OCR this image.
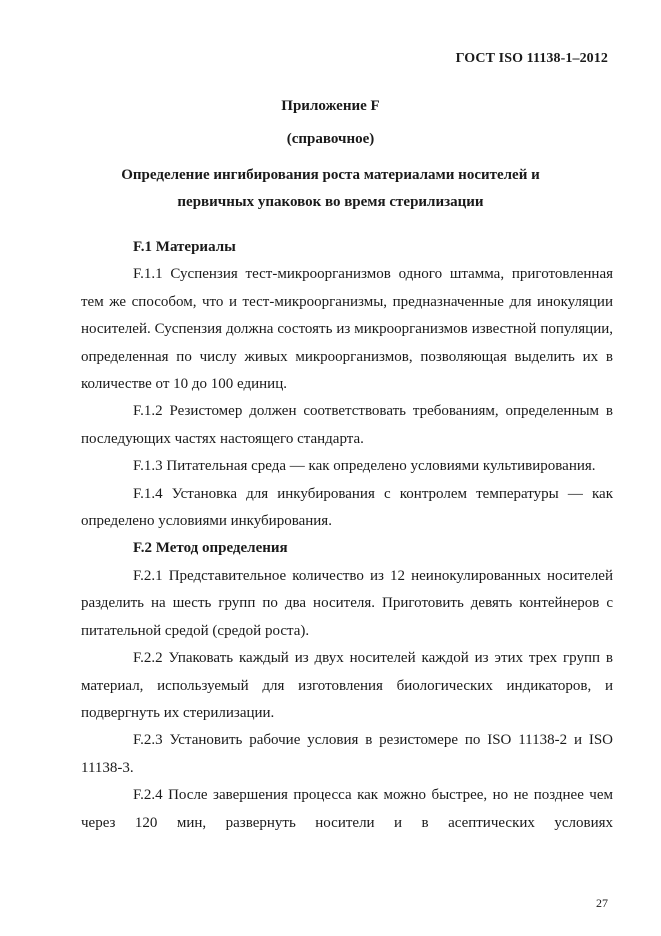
ГОСТ ISO 11138-1–2012
Приложение F
(справочное)
Определение ингибирования роста материалами носителей и
первичных упаковок во время стерилизации

F.1 Материалы

F.1.1 Суспензия тест-микроорганизмов одного штамма, приготовленная тем же способом, что и тест-микроорганизмы, предназначенные для инокуляции носителей. Суспензия должна состоять из микроорганизмов известной популяции, определенная по числу живых микроорганизмов, позволяющая выделить их в количестве от 10 до 100 единиц.

F.1.2 Резистомер должен соответствовать требованиям, определенным в последующих частях настоящего стандарта.

F.1.3 Питательная среда — как определено условиями культивирования.

F.1.4 Установка для инкубирования с контролем температуры — как определено условиями инкубирования.

F.2 Метод определения

F.2.1 Представительное количество из 12 неинокулированных носителей разделить на шесть групп по два носителя. Приготовить девять контейнеров с питательной средой (средой роста).

F.2.2 Упаковать каждый из двух носителей каждой из этих трех групп в материал, используемый для изготовления биологических индикаторов, и подвергнуть их стерилизации.

F.2.3 Установить рабочие условия в резистомере по ISO 11138-2 и ISO 11138-3.

F.2.4 После завершения процесса как можно быстрее, но не позднее чем через 120 мин, развернуть носители и в асептических условиях

27
